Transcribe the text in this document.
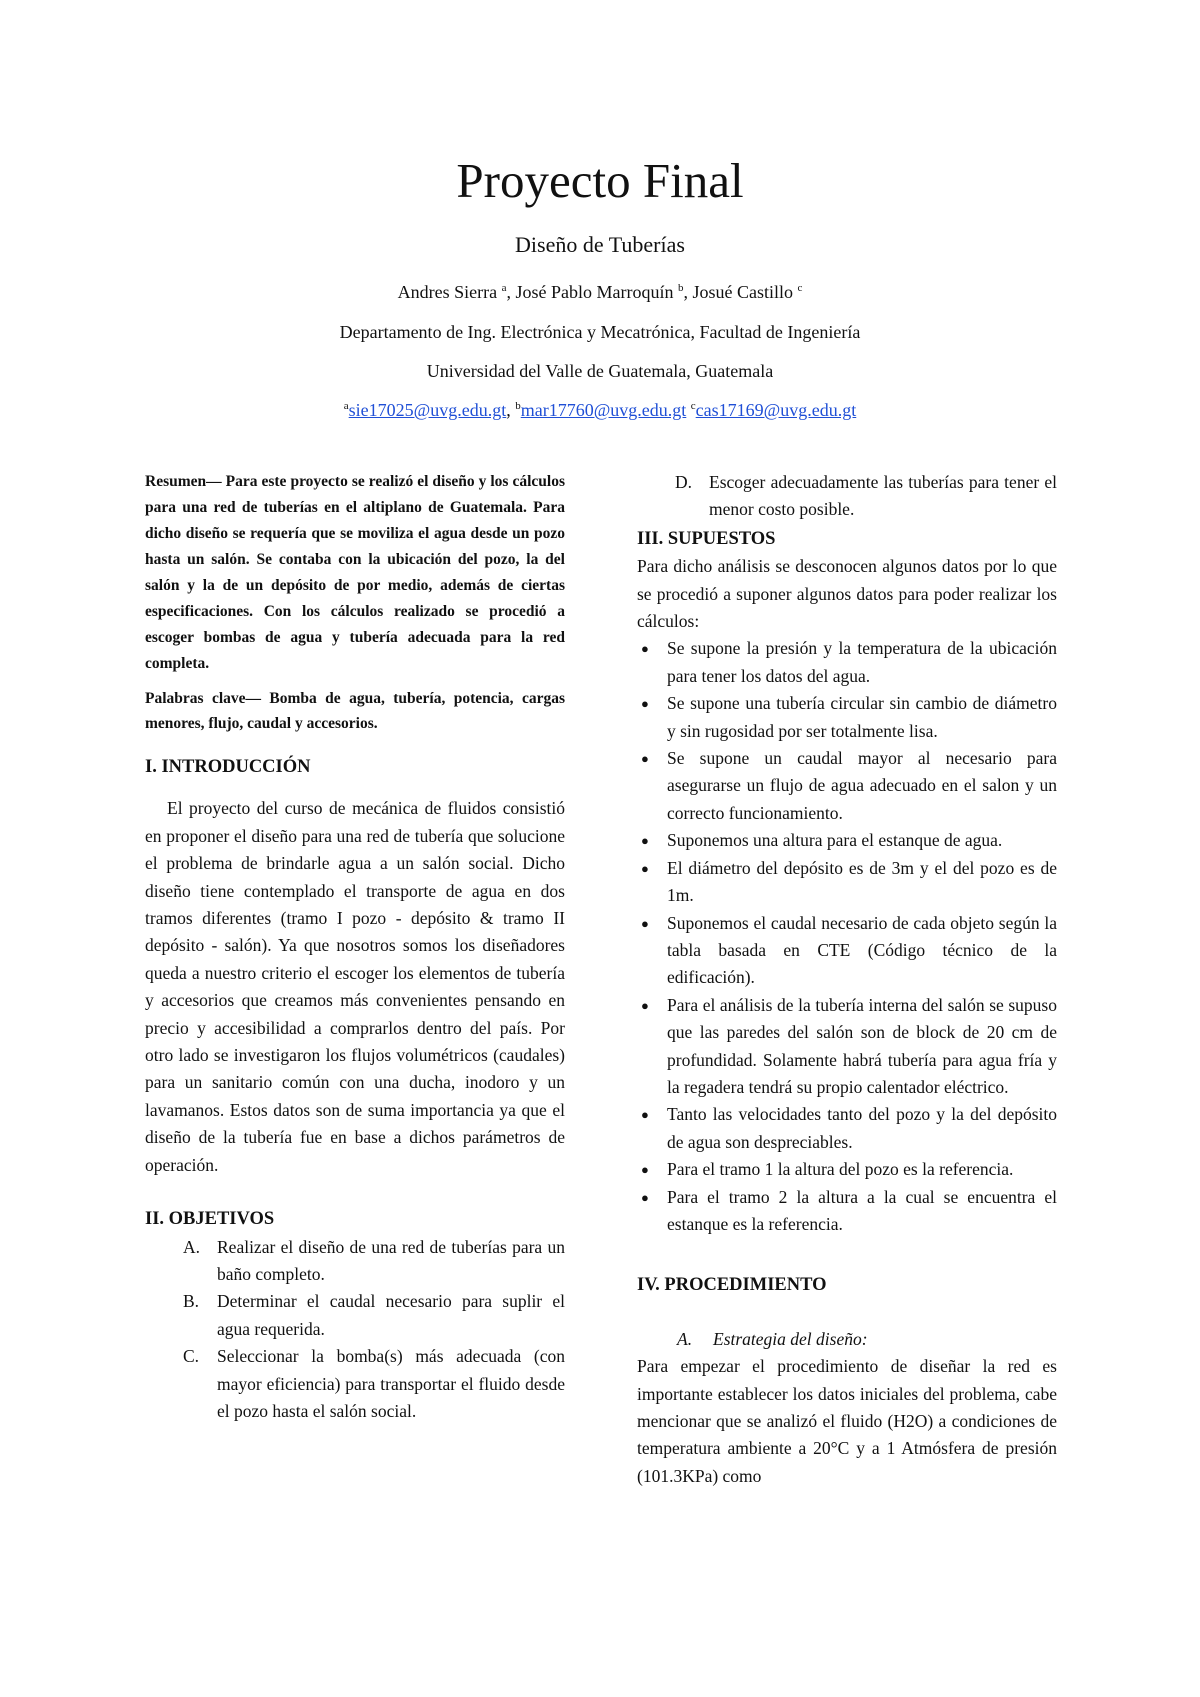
Proyecto Final
Diseño de Tuberías
Andres Sierra $^a$, José Pablo Marroquín $^b$, Josué Castillo $^c$
Departamento de Ing. Electrónica y Mecatrónica, Facultad de Ingeniería
Universidad del Valle de Guatemala, Guatemala
$^a$sie17025@uvg.edu.gt, $^b$mar17760@uvg.edu.gt $^c$cas17169@uvg.edu.gt

Resumen— Para este proyecto se realizó el diseño y los cálculos para una red de tuberías en el altiplano de Guatemala. Para dicho diseño se requería que se moviliza el agua desde un pozo hasta un salón. Se contaba con la ubicación del pozo, la del salón y la de un depósito de por medio, además de ciertas especificaciones. Con los cálculos realizado se procedió a escoger bombas de agua y tubería adecuada para la red completa.

Palabras clave— Bomba de agua, tubería, potencia, cargas menores, flujo, caudal y accesorios.

I. INTRODUCCIÓN

El proyecto del curso de mecánica de fluidos consistió en proponer el diseño para una red de tubería que solucione el problema de brindarle agua a un salón social. Dicho diseño tiene contemplado el transporte de agua en dos tramos diferentes (tramo I pozo - depósito & tramo II depósito - salón). Ya que nosotros somos los diseñadores queda a nuestro criterio el escoger los elementos de tubería y accesorios que creamos más convenientes pensando en precio y accesibilidad a comprarlos dentro del país. Por otro lado se investigaron los flujos volumétricos (caudales) para un sanitario común con una ducha, inodoro y un lavamanos. Estos datos son de suma importancia ya que el diseño de la tubería fue en base a dichos parámetros de operación.

II. OBJETIVOS

A. Realizar el diseño de una red de tuberías para un baño completo.
B. Determinar el caudal necesario para suplir el agua requerida.
C. Seleccionar la bomba(s) más adecuada (con mayor eficiencia) para transportar el fluido desde el pozo hasta el salón social.
D. Escoger adecuadamente las tuberías para tener el menor costo posible.

III. SUPUESTOS

Para dicho análisis se desconocen algunos datos por lo que se procedió a suponer algunos datos para poder realizar los cálculos:

● Se supone la presión y la temperatura de la ubicación para tener los datos del agua.
● Se supone una tubería circular sin cambio de diámetro y sin rugosidad por ser totalmente lisa.
● Se supone un caudal mayor al necesario para asegurarse un flujo de agua adecuado en el salon y un correcto funcionamiento.
● Suponemos una altura para el estanque de agua.
● El diámetro del depósito es de 3m y el del pozo es de 1m.
● Suponemos el caudal necesario de cada objeto según la tabla basada en CTE (Código técnico de la edificación).
● Para el análisis de la tubería interna del salón se supuso que las paredes del salón son de block de 20 cm de profundidad. Solamente habrá tubería para agua fría y la regadera tendrá su propio calentador eléctrico.
● Tanto las velocidades tanto del pozo y la del depósito de agua son despreciables.
● Para el tramo 1 la altura del pozo es la referencia.
● Para el tramo 2 la altura a la cual se encuentra el estanque es la referencia.

IV. PROCEDIMIENTO

A. Estrategia del diseño:

Para empezar el procedimiento de diseñar la red es importante establecer los datos iniciales del problema, cabe mencionar que se analizó el fluido (H2O) a condiciones de temperatura ambiente a 20°C y a 1 Atmósfera de presión (101.3KPa) como
